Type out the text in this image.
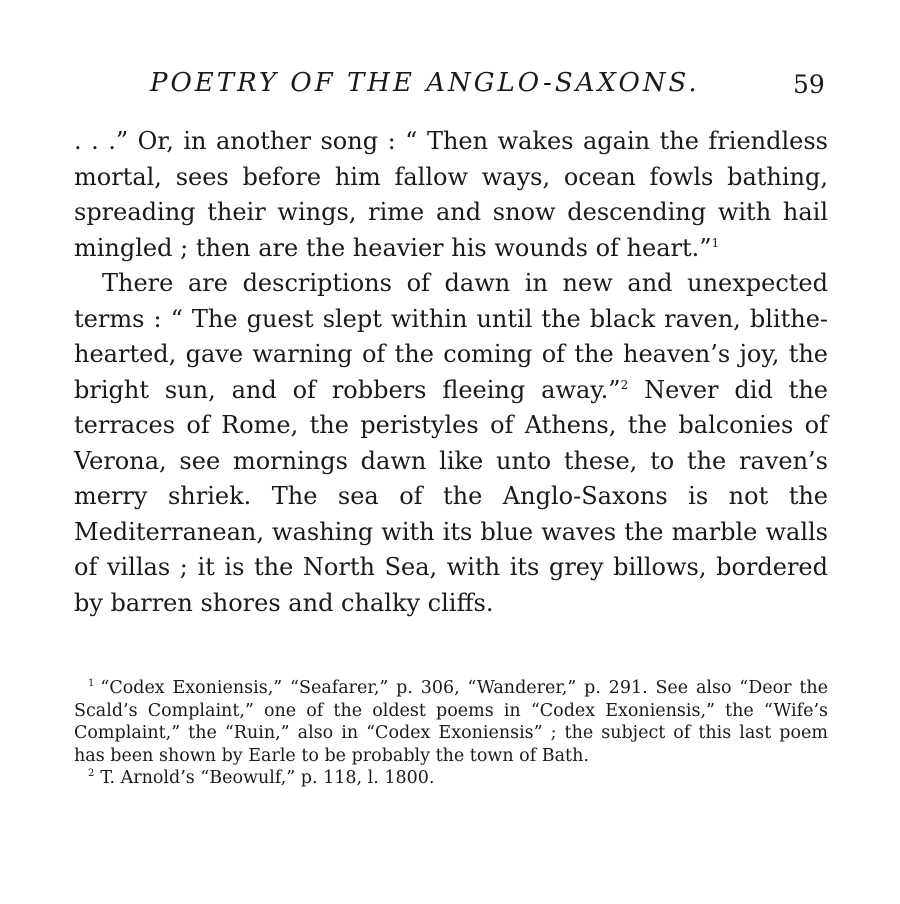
POETRY OF THE ANGLO-SAXONS.	59

. . .” Or, in another song : “ Then wakes again the friendless mortal, sees before him fallow ways, ocean fowls bathing, spreading their wings, rime and snow descending with hail mingled ; then are the heavier his wounds of heart.”$^1$

There are descriptions of dawn in new and unexpected terms : “ The guest slept within until the black raven, blithe-hearted, gave warning of the coming of the heaven’s joy, the bright sun, and of robbers fleeing away.”$^2$ Never did the terraces of Rome, the peristyles of Athens, the balconies of Verona, see mornings dawn like unto these, to the raven’s merry shriek. The sea of the Anglo-Saxons is not the Mediterranean, washing with its blue waves the marble walls of villas ; it is the North Sea, with its grey billows, bordered by barren shores and chalky cliffs.

$^1$ “Codex Exoniensis,” “Seafarer,” p. 306, “Wanderer,” p. 291. See also “Deor the Scald’s Complaint,” one of the oldest poems in “Codex Exoniensis,” the “Wife’s Complaint,” the “Ruin,” also in “Codex Exoniensis” ; the subject of this last poem has been shown by Earle to be probably the town of Bath.

$^2$ T. Arnold’s “Beowulf,” p. 118, l. 1800.
